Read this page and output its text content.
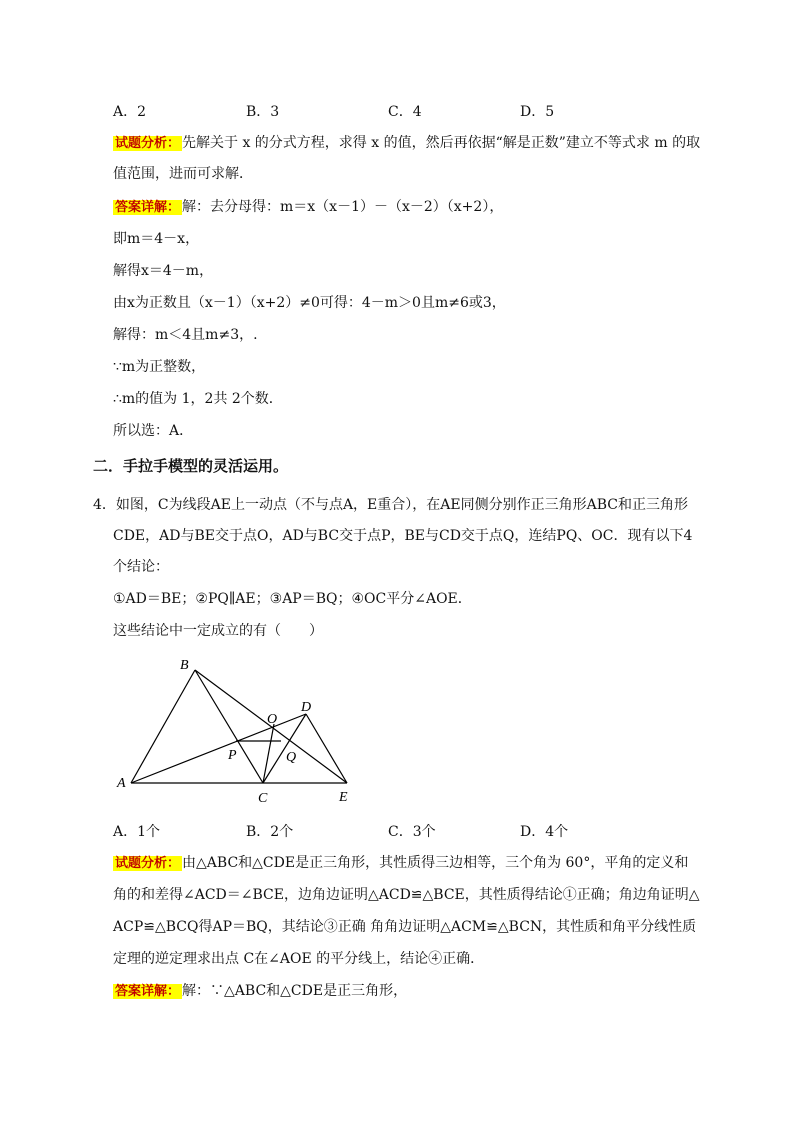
A．2	B．3	C．4	D．5
试题分析： 先解关于 x 的分式方程，求得 x 的值，然后再依据“解是正数”建立不等式求 m 的取
值范围，进而可求解．
答案详解： 解：去分母得：m＝x（x－1）－（x－2）（x+2），
即m＝4－x，
解得x＝4－m，
由x为正数且（x－1）（x+2）≠0可得：4－m＞0且m≠6或3，
解得：m＜4且m≠3，.
∵m为正整数，
∴m的值为 1，2共 2个数．
所以选：A．
二．手拉手模型的灵活运用。
4．如图，C为线段AE上一动点（不与点A，E重合），在AE同侧分别作正三角形ABC和正三角形
CDE，AD与BE交于点O，AD与BC交于点P，BE与CD交于点Q，连结PQ、OC．现有以下4
个结论：
①AD＝BE；②PQ∥AE；③AP＝BQ；④OC平分∠AOE．
这些结论中一定成立的有（　　）
B
D
O
P	Q
A
C	E
A．1个	B．2个	C．3个	D．4个
试题分析： 由△ABC和△CDE是正三角形，其性质得三边相等，三个角为 60°，平角的定义和
角的和差得∠ACD＝∠BCE，边角边证明△ACD≌△BCE，其性质得结论①正确；角边角证明△
ACP≌△BCQ得AP＝BQ，其结论③正确 角角边证明△ACM≌△BCN，其性质和角平分线性质
定理的逆定理求出点 C在∠AOE 的平分线上，结论④正确．
答案详解： 解：∵△ABC和△CDE是正三角形，
